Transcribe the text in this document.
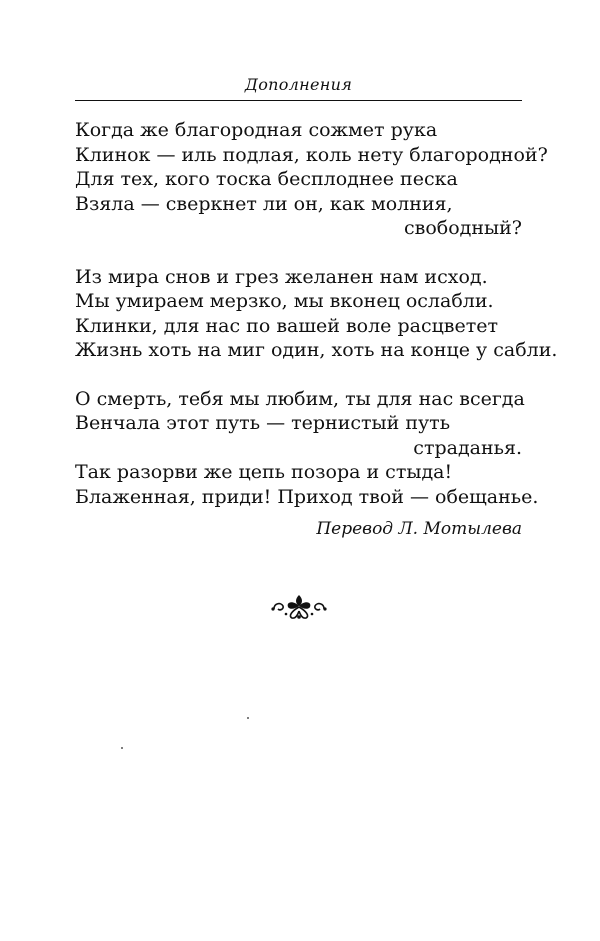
Дополнения
Когда же благородная сожмет рука
Клинок — иль подлая, коль нету благородной?
Для тех, кого тоска бесплоднее песка
Взяла — сверкнет ли он, как молния,
свободный?
Из мира снов и грез желанен нам исход.
Мы умираем мерзко, мы вконец ослабли.
Клинки, для нас по вашей воле расцветет
Жизнь хоть на миг один, хоть на конце у сабли.
О смерть, тебя мы любим, ты для нас всегда
Венчала этот путь — тернистый путь
страданья.
Так разорви же цепь позора и стыда!
Блаженная, приди! Приход твой — обещанье.
Перевод Л. Мотылева
